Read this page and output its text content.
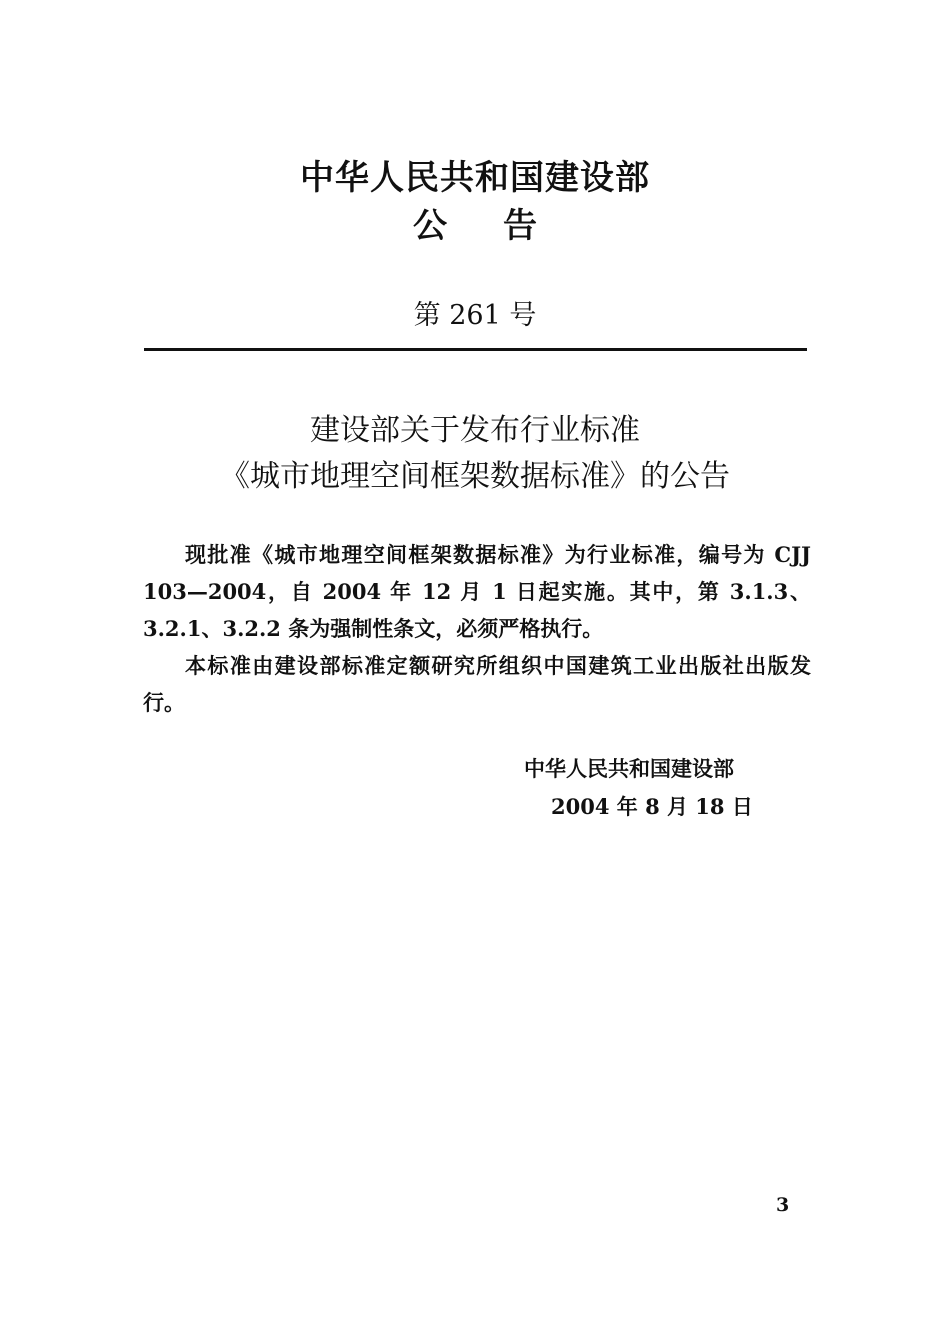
中华人民共和国建设部
公告
第 261 号
建设部关于发布行业标准
《城市地理空间框架数据标准》的公告

现批准《城市地理空间框架数据标准》为行业标准，编号为 CJJ 103—2004，自 2004 年 12 月 1 日起实施。其中，第 3.1.3、3.2.1、3.2.2 条为强制性条文，必须严格执行。

本标准由建设部标准定额研究所组织中国建筑工业出版社出版发行。

中华人民共和国建设部
2004 年 8 月 18 日
3
